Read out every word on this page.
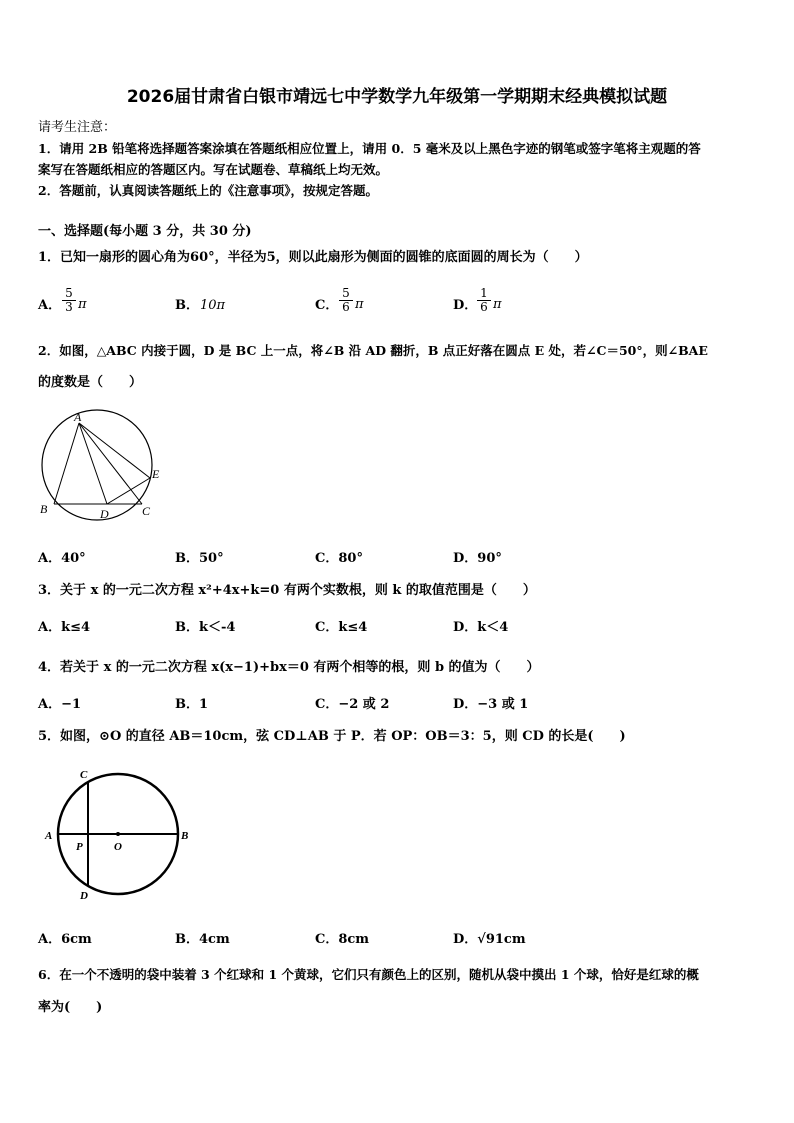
2026届甘肃省白银市靖远七中学数学九年级第一学期期末经典模拟试题
请考生注意：
1．请用 2B 铅笔将选择题答案涂填在答题纸相应位置上，请用 0．5 毫米及以上黑色字迹的钢笔或签字笔将主观题的答
案写在答题纸相应的答题区内。写在试题卷、草稿纸上均无效。
2．答题前，认真阅读答题纸上的《注意事项》，按规定答题。
一、选择题(每小题 3 分，共 30 分)
1．已知一扇形的圆心角为60°，半径为5，则以此扇形为侧面的圆锥的底面圆的周长为（　　）
A． $\frac{5}{3}$ π	B． 10π	C． $\frac{5}{6}$ π	D． $\frac{1}{6}$ π
2．如图，△ABC 内接于圆，D 是 BC 上一点，将∠B 沿 AD 翻折，B 点正好落在圆点 E 处，若∠C＝50°，则∠BAE
的度数是（　　）
A
B	D	C
E
A．40°	B．50°	C．80°	D．90°
3．关于 x 的一元二次方程 x²+4x+k=0 有两个实数根，则 k 的取值范围是（　　）
A．k≤4	B．k＜-4	C．k≤4	D．k＜4
4．若关于 x 的一元二次方程 x(x−1)+bx＝0 有两个相等的根，则 b 的值为（　　）
A．−1	B．1	C．−2 或 2	D．−3 或 1
5．如图，⊙O 的直径 AB＝10cm，弦 CD⊥AB 于 P．若 OP：OB＝3：5，则 CD 的长是(　　)
A	B
C
D
P	O
A．6cm	B．4cm	C．8cm	D．√91cm
6．在一个不透明的袋中装着 3 个红球和 1 个黄球，它们只有颜色上的区别，随机从袋中摸出 1 个球，恰好是红球的概
率为(　　)
